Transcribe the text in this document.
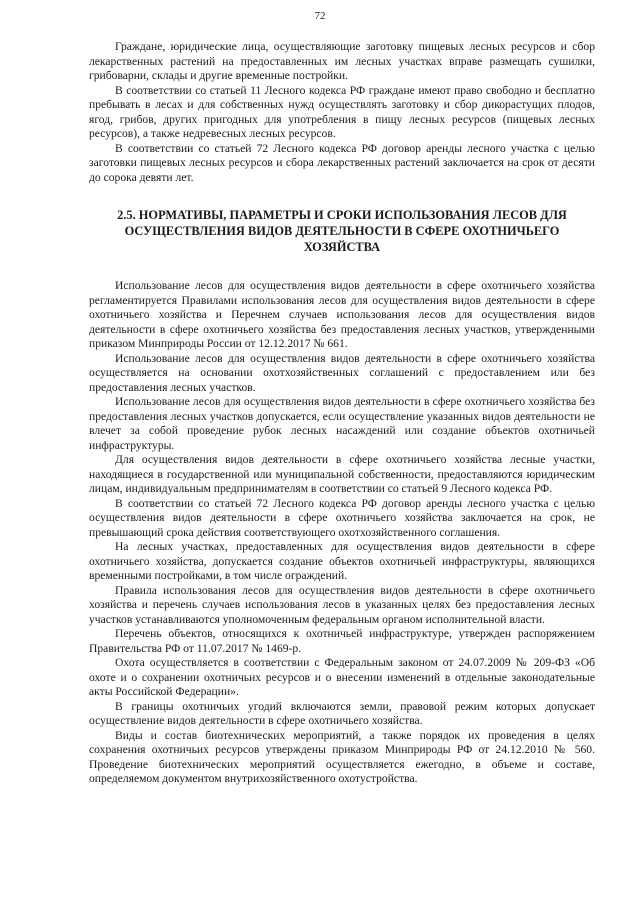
72

Граждане, юридические лица, осуществляющие заготовку пищевых лесных ресурсов и сбор лекарственных растений на предоставленных им лесных участках вправе размещать сушилки, грибоварни, склады и другие временные постройки.

В соответствии со статьей 11 Лесного кодекса РФ граждане имеют право свободно и бесплатно пребывать в лесах и для собственных нужд осуществлять заготовку и сбор дикорастущих плодов, ягод, грибов, других пригодных для употребления в пищу лесных ресурсов (пищевых лесных ресурсов), а также недревесных лесных ресурсов.

В соответствии со статьей 72 Лесного кодекса РФ договор аренды лесного участка с целью заготовки пищевых лесных ресурсов и сбора лекарственных растений заключается на срок от десяти до сорока девяти лет.

2.5. НОРМАТИВЫ, ПАРАМЕТРЫ И СРОКИ ИСПОЛЬЗОВАНИЯ ЛЕСОВ ДЛЯ ОСУЩЕСТВЛЕНИЯ ВИДОВ ДЕЯТЕЛЬНОСТИ В СФЕРЕ ОХОТНИЧЬЕГО ХОЗЯЙСТВА

Использование лесов для осуществления видов деятельности в сфере охотничьего хозяйства регламентируется Правилами использования лесов для осуществления видов деятельности в сфере охотничьего хозяйства и Перечнем случаев использования лесов для осуществления видов деятельности в сфере охотничьего хозяйства без предоставления лесных участков, утвержденными приказом Минприроды России от 12.12.2017 № 661.

Использование лесов для осуществления видов деятельности в сфере охотничьего хозяйства осуществляется на основании охотхозяйственных соглашений с предоставлением или без предоставления лесных участков.

Использование лесов для осуществления видов деятельности в сфере охотничьего хозяйства без предоставления лесных участков допускается, если осуществление указанных видов деятельности не влечет за собой проведение рубок лесных насаждений или создание объектов охотничьей инфраструктуры.

Для осуществления видов деятельности в сфере охотничьего хозяйства лесные участки, находящиеся в государственной или муниципальной собственности, предоставляются юридическим лицам, индивидуальным предпринимателям в соответствии со статьей 9 Лесного кодекса РФ.

В соответствии со статьей 72 Лесного кодекса РФ договор аренды лесного участка с целью осуществления видов деятельности в сфере охотничьего хозяйства заключается на срок, не превышающий срока действия соответствующего охотхозяйственного соглашения.

На лесных участках, предоставленных для осуществления видов деятельности в сфере охотничьего хозяйства, допускается создание объектов охотничьей инфраструктуры, являющихся временными постройками, в том числе ограждений.

Правила использования лесов для осуществления видов деятельности в сфере охотничьего хозяйства и перечень случаев использования лесов в указанных целях без предоставления лесных участков устанавливаются уполномоченным федеральным органом исполнительной власти.

Перечень объектов, относящихся к охотничьей инфраструктуре, утвержден распоряжением Правительства РФ от 11.07.2017 № 1469-р.

Охота осуществляется в соответствии с Федеральным законом от 24.07.2009 № 209-ФЗ «Об охоте и о сохранении охотничьих ресурсов и о внесении изменений в отдельные законодательные акты Российской Федерации».

В границы охотничьих угодий включаются земли, правовой режим которых допускает осуществление видов деятельности в сфере охотничьего хозяйства.

Виды и состав биотехнических мероприятий, а также порядок их проведения в целях сохранения охотничьих ресурсов утверждены приказом Минприроды РФ от 24.12.2010 № 560. Проведение биотехнических мероприятий осуществляется ежегодно, в объеме и составе, определяемом документом внутрихозяйственного охотустройства.
